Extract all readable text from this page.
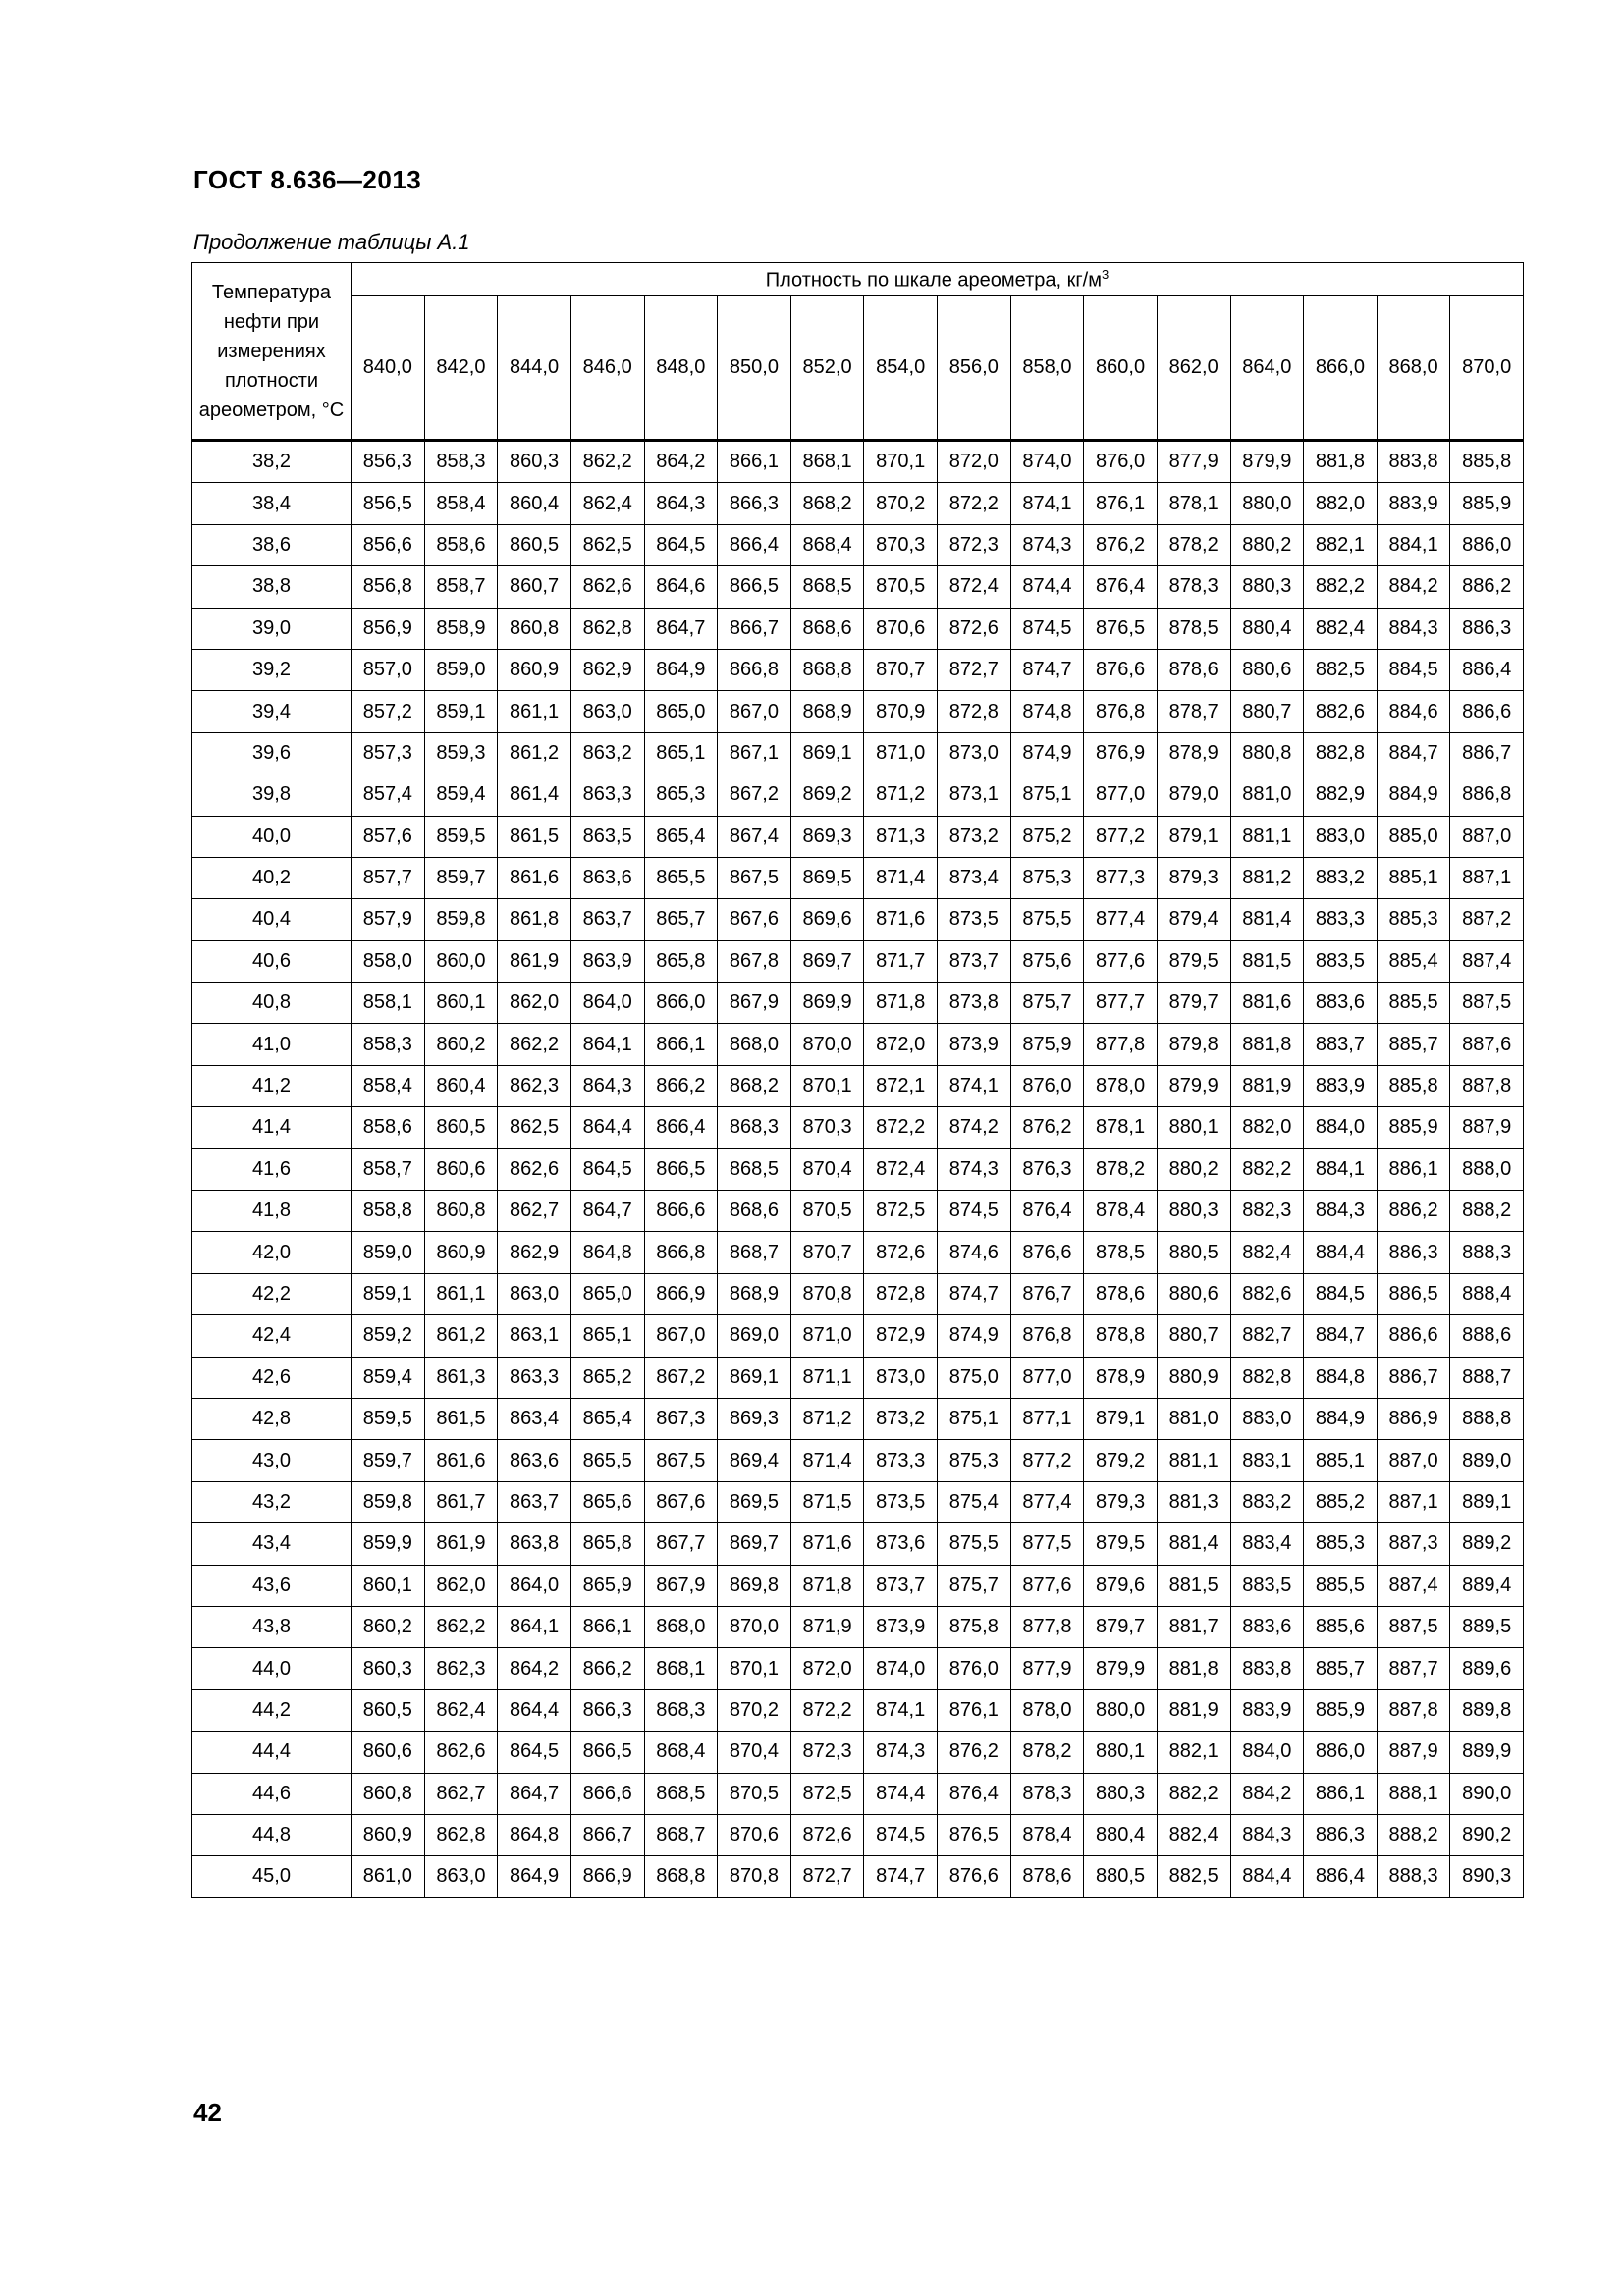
ГОСТ 8.636—2013
Продолжение таблицы А.1
Температура нефти при измерениях плотности ареометром, °С	Плотность по шкале ареометра, $кг/м^3$
	840,0	842,0	844,0	846,0	848,0	850,0	852,0	854,0	856,0	858,0	860,0	862,0	864,0	866,0	868,0	870,0
38,2	856,3	858,3	860,3	862,2	864,2	866,1	868,1	870,1	872,0	874,0	876,0	877,9	879,9	881,8	883,8	885,8
38,4	856,5	858,4	860,4	862,4	864,3	866,3	868,2	870,2	872,2	874,1	876,1	878,1	880,0	882,0	883,9	885,9
38,6	856,6	858,6	860,5	862,5	864,5	866,4	868,4	870,3	872,3	874,3	876,2	878,2	880,2	882,1	884,1	886,0
38,8	856,8	858,7	860,7	862,6	864,6	866,5	868,5	870,5	872,4	874,4	876,4	878,3	880,3	882,2	884,2	886,2
39,0	856,9	858,9	860,8	862,8	864,7	866,7	868,6	870,6	872,6	874,5	876,5	878,5	880,4	882,4	884,3	886,3
39,2	857,0	859,0	860,9	862,9	864,9	866,8	868,8	870,7	872,7	874,7	876,6	878,6	880,6	882,5	884,5	886,4
39,4	857,2	859,1	861,1	863,0	865,0	867,0	868,9	870,9	872,8	874,8	876,8	878,7	880,7	882,6	884,6	886,6
39,6	857,3	859,3	861,2	863,2	865,1	867,1	869,1	871,0	873,0	874,9	876,9	878,9	880,8	882,8	884,7	886,7
39,8	857,4	859,4	861,4	863,3	865,3	867,2	869,2	871,2	873,1	875,1	877,0	879,0	881,0	882,9	884,9	886,8
40,0	857,6	859,5	861,5	863,5	865,4	867,4	869,3	871,3	873,2	875,2	877,2	879,1	881,1	883,0	885,0	887,0
40,2	857,7	859,7	861,6	863,6	865,5	867,5	869,5	871,4	873,4	875,3	877,3	879,3	881,2	883,2	885,1	887,1
40,4	857,9	859,8	861,8	863,7	865,7	867,6	869,6	871,6	873,5	875,5	877,4	879,4	881,4	883,3	885,3	887,2
40,6	858,0	860,0	861,9	863,9	865,8	867,8	869,7	871,7	873,7	875,6	877,6	879,5	881,5	883,5	885,4	887,4
40,8	858,1	860,1	862,0	864,0	866,0	867,9	869,9	871,8	873,8	875,7	877,7	879,7	881,6	883,6	885,5	887,5
41,0	858,3	860,2	862,2	864,1	866,1	868,0	870,0	872,0	873,9	875,9	877,8	879,8	881,8	883,7	885,7	887,6
41,2	858,4	860,4	862,3	864,3	866,2	868,2	870,1	872,1	874,1	876,0	878,0	879,9	881,9	883,9	885,8	887,8
41,4	858,6	860,5	862,5	864,4	866,4	868,3	870,3	872,2	874,2	876,2	878,1	880,1	882,0	884,0	885,9	887,9
41,6	858,7	860,6	862,6	864,5	866,5	868,5	870,4	872,4	874,3	876,3	878,2	880,2	882,2	884,1	886,1	888,0
41,8	858,8	860,8	862,7	864,7	866,6	868,6	870,5	872,5	874,5	876,4	878,4	880,3	882,3	884,3	886,2	888,2
42,0	859,0	860,9	862,9	864,8	866,8	868,7	870,7	872,6	874,6	876,6	878,5	880,5	882,4	884,4	886,3	888,3
42,2	859,1	861,1	863,0	865,0	866,9	868,9	870,8	872,8	874,7	876,7	878,6	880,6	882,6	884,5	886,5	888,4
42,4	859,2	861,2	863,1	865,1	867,0	869,0	871,0	872,9	874,9	876,8	878,8	880,7	882,7	884,7	886,6	888,6
42,6	859,4	861,3	863,3	865,2	867,2	869,1	871,1	873,0	875,0	877,0	878,9	880,9	882,8	884,8	886,7	888,7
42,8	859,5	861,5	863,4	865,4	867,3	869,3	871,2	873,2	875,1	877,1	879,1	881,0	883,0	884,9	886,9	888,8
43,0	859,7	861,6	863,6	865,5	867,5	869,4	871,4	873,3	875,3	877,2	879,2	881,1	883,1	885,1	887,0	889,0
43,2	859,8	861,7	863,7	865,6	867,6	869,5	871,5	873,5	875,4	877,4	879,3	881,3	883,2	885,2	887,1	889,1
43,4	859,9	861,9	863,8	865,8	867,7	869,7	871,6	873,6	875,5	877,5	879,5	881,4	883,4	885,3	887,3	889,2
43,6	860,1	862,0	864,0	865,9	867,9	869,8	871,8	873,7	875,7	877,6	879,6	881,5	883,5	885,5	887,4	889,4
43,8	860,2	862,2	864,1	866,1	868,0	870,0	871,9	873,9	875,8	877,8	879,7	881,7	883,6	885,6	887,5	889,5
44,0	860,3	862,3	864,2	866,2	868,1	870,1	872,0	874,0	876,0	877,9	879,9	881,8	883,8	885,7	887,7	889,6
44,2	860,5	862,4	864,4	866,3	868,3	870,2	872,2	874,1	876,1	878,0	880,0	881,9	883,9	885,9	887,8	889,8
44,4	860,6	862,6	864,5	866,5	868,4	870,4	872,3	874,3	876,2	878,2	880,1	882,1	884,0	886,0	887,9	889,9
44,6	860,8	862,7	864,7	866,6	868,5	870,5	872,5	874,4	876,4	878,3	880,3	882,2	884,2	886,1	888,1	890,0
44,8	860,9	862,8	864,8	866,7	868,7	870,6	872,6	874,5	876,5	878,4	880,4	882,4	884,3	886,3	888,2	890,2
45,0	861,0	863,0	864,9	866,9	868,8	870,8	872,7	874,7	876,6	878,6	880,5	882,5	884,4	886,4	888,3	890,3
42
